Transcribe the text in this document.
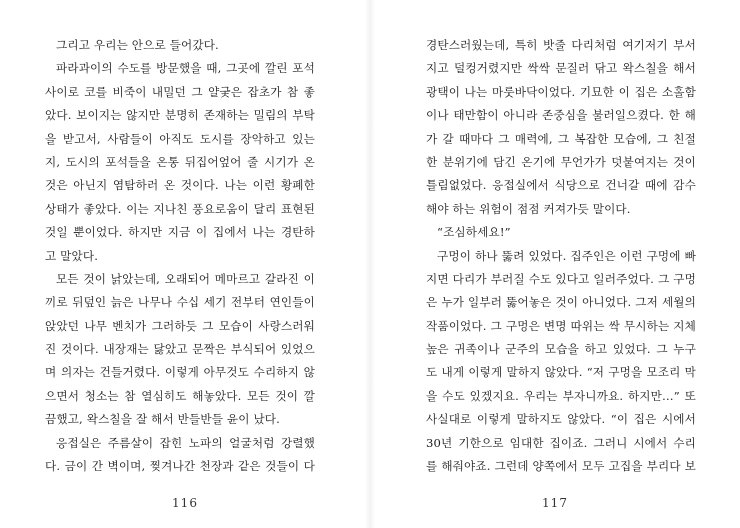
그리고 우리는 안으로 들어갔다.
파라과이의 수도를 방문했을 때, 그곳에 깔린 포석
사이로 코를 비죽이 내밀던 그 얄궂은 잡초가 참 좋
았다. 보이지는 않지만 분명히 존재하는 밀림의 부탁
을 받고서, 사람들이 아직도 도시를 장악하고 있는
지, 도시의 포석들을 온통 뒤집어엎어 줄 시기가 온
것은 아닌지 염탐하러 온 것이다. 나는 이런 황폐한
상태가 좋았다. 이는 지나친 풍요로움이 달리 표현된
것일 뿐이었다. 하지만 지금 이 집에서 나는 경탄하
고 말았다.
모든 것이 낡았는데, 오래되어 메마르고 갈라진 이
끼로 뒤덮인 늙은 나무나 수십 세기 전부터 연인들이
앉았던 나무 벤치가 그러하듯 그 모습이 사랑스러워
진 것이다. 내장재는 닳았고 문짝은 부식되어 있었으
며 의자는 건들거렸다. 이렇게 아무것도 수리하지 않
으면서 청소는 참 열심히도 해놓았다. 모든 것이 깔
끔했고, 왁스칠을 잘 해서 반들반들 윤이 났다.
응접실은 주름살이 잡힌 노파의 얼굴처럼 강렬했
다. 금이 간 벽이며, 찢겨나간 천장과 같은 것들이 다
116
경탄스러웠는데, 특히 밧줄 다리처럼 여기저기 부서
지고 덜컹거렸지만 싹싹 문질러 닦고 왁스칠을 해서
광택이 나는 마룻바닥이었다. 기묘한 이 집은 소홀함
이나 태만함이 아니라 존중심을 불러일으켰다. 한 해
가 갈 때마다 그 매력에, 그 복잡한 모습에, 그 친절
한 분위기에 담긴 온기에 무언가가 덧붙여지는 것이
틀림없었다. 응접실에서 식당으로 건너갈 때에 감수
해야 하는 위험이 점점 커져가듯 말이다.
“조심하세요!”
구멍이 하나 뚫려 있었다. 집주인은 이런 구멍에 빠
지면 다리가 부러질 수도 있다고 일러주었다. 그 구멍
은 누가 일부러 뚫어놓은 것이 아니었다. 그저 세월의
작품이었다. 그 구멍은 변명 따위는 싹 무시하는 지체
높은 귀족이나 군주의 모습을 하고 있었다. 그 누구
도 내게 이렇게 말하지 않았다. “저 구멍을 모조리 막
을 수도 있겠지요. 우리는 부자니까요. 하지만…” 또
사실대로 이렇게 말하지도 않았다. “이 집은 시에서
30년 기한으로 임대한 집이죠. 그러니 시에서 수리
를 해줘야죠. 그런데 양쪽에서 모두 고집을 부리다 보
117
